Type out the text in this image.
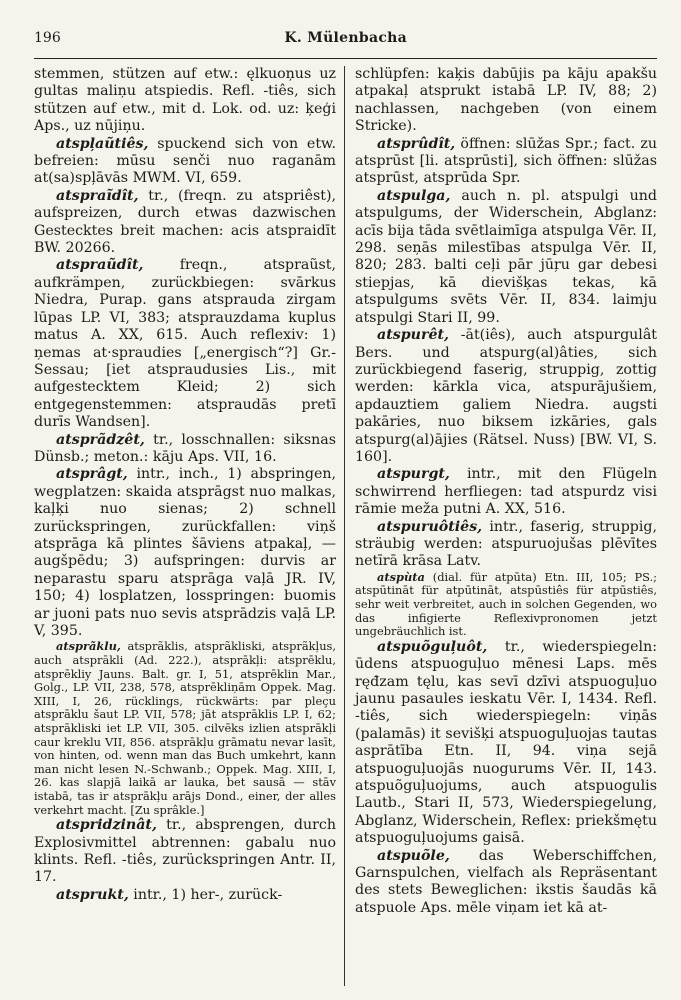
196	K. Mülenbacha

stemmen, stützen auf etw.: ęlkuoņus uz gultas maliņu atspiedis. Refl. -tiês, sich stützen auf etw., mit d. Lok. od. uz: ķeģi Aps., uz nūjiņu.

atspļaũtiês, spuckend sich von etw. befreien: mūsu senči nuo raganām at(sa)spļāvās MWM. VI, 659.

atspraĩdît, tr., (freqn. zu atspriêst), aufspreizen, durch etwas dazwischen Gestecktes breit machen: acis atspraidīt BW. 20266.

atspraũdît,	freqn., atspraũst, aufkrämpen, zurückbiegen: svārkus Niedra, Purap. gans atsprauda zirgam lūpas LP. VI, 383; atsprauzdama kuplus matus A. XX, 615. Auch reflexiv: 1) ņemas at·spraudies [„energisch“?] Gr.-Sessau; [iet atspraudusies Lis., mit aufgestecktem Kleid; 2) sich entgegenstemmen: atspraudās pretī durīs Wandsen].

atsprãdzêt, tr., losschnallen: siksnas Dünsb.; meton.: kāju Aps. VII, 16.

atsprâgt, intr., inch., 1) abspringen, wegplatzen: skaida atsprāgst nuo malkas, kaļķi nuo sienas; 2) schnell zurückspringen, zurückfallen: viņš atsprāga kā plintes šāviens atpakaļ, — augšpēdu; 3) aufspringen: durvis ar neparastu sparu atsprāga vaļā JR. IV, 150; 4) losplatzen, losspringen: buomis ar juoni pats nuo sevis atsprādzis vaļā LP. V, 395.

atsprãklu, atsprãklis, atsprãkliski, atsprãkļus, auch atsprākli (Ad. 222.), atsprākļi: atsprēklu, atsprēkliy Jauns. Balt. gr. I, 51, atsprēklin Mar., Golg., LP. VII, 238, 578, atsprēkliņām Oppek. Mag. XIII, I, 26, rücklings, rückwärts: par pleçu atsprāklu šaut LP. VII, 578; jāt atsprāklis LP. I, 62; atsprākliski iet LP. VII, 305. cilvēks izlien atsprākļi caur kreklu VII, 856. atsprākļu grāmatu nevar lasīt, von hinten, od. wenn man das Buch umkehrt, kann man nicht lesen N.-Schwanb.; Oppek. Mag. XIII, I, 26. kas slapjā laikā ar lauka, bet sausā — stāv istabā, tas ir atsprākļu arājs Dond., einer, der alles verkehrt macht. [Zu sprâkle.]

atspridzinât, tr., absprengen, durch Explosivmittel abtrennen: gabalu nuo klints. Refl. -tiês, zurückspringen Antr. II, 17.

atsprukt, intr., 1) her-, zurück-

schlüpfen: kaķis dabūjis pa kāju apakšu atpakaļ atsprukt istabā LP. IV, 88; 2) nachlassen, nachgeben (von einem Stricke).

atsprûdît, öffnen: slūžas Spr.; fact. zu atsprūst [li. atsprūsti], sich öffnen: slūžas atsprūst, atsprūda Spr.

atspulga, auch n. pl. atspulgi und atspulgums, der Widerschein, Abglanz: acīs bija tāda svētlaimīga atspulga Vēr. II, 298. seņās milestības atspulga Vēr. II, 820; 283. balti ceļi pār jūŗu gar debesi stiepjas, kā dievišķas tekas, kā atspulgums svēts Vēr. II, 834. laimju atspulgi Stari II, 99.

atspurêt, -āt(iês), auch atspurgulât Bers. und atspurg(al)âties, sich zurückbiegend faserig, struppig, zottig werden: kārkla vica, atspurājušiem, apdauztiem galiem Niedra. augsti pakāries, nuo biksem izkāries, gals atspurg(al)ājies (Rätsel. Nuss) [BW. VI, S. 160].

atspurgt, intr., mit den Flügeln schwirrend herfliegen: tad atspurdz visi rāmie meža putni A. XX, 516.

atspuruôtiês, intr., faserig, struppig, sträubig werden: atspuruojušas plēvītes netīrā krāsa Latv.

atspùta (dial. für atpūta) Etn. III, 105; PS.; atspūtināt für atpūtināt, atspūstiês für atpūstiês, sehr weit verbreitet, auch in solchen Gegenden, wo das infigierte Reflexivpronomen jetzt ungebräuchlich ist.

atspuõguļuôt, tr., wiederspiegeln: ūdens atspuoguļuo mēnesi Laps. mēs ręđzam tęlu, kas sevī dzīvi atspuoguļuo jaunu pasaules ieskatu Vēr. I, 1434. Refl. -tiês, sich wiederspiegeln: viņās (palamās) it sevišķi atspuoguļuojas tautas asprātība Etn. II, 94. viņa sejā atspuoguļuojās nuogurums Vēr. II, 143. atspuõguļuojums, auch atspuogulis Lautb., Stari II, 573, Wiederspiegelung, Abglanz, Widerschein, Reflex: priekšmętu atspuoguļuojums gaisā.

atspuõle, das Weberschiffchen, Garnspulchen, vielfach als Repräsentant des stets Beweglichen: ikstis šaudās kā atspuole Aps. mēle viņam iet kā at-
